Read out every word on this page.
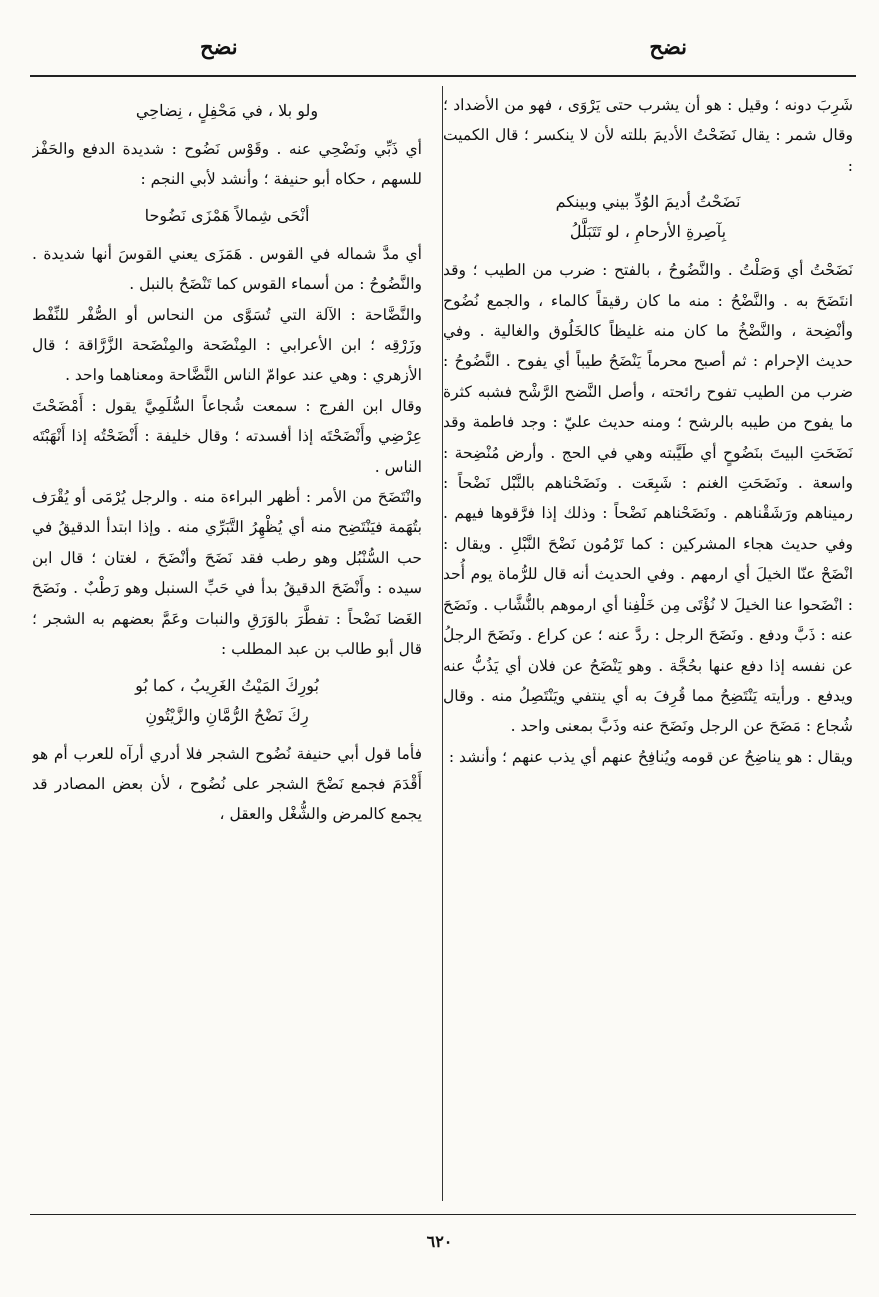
نضح
نضح

شَرِبَ دونه ؛ وقيل : هو أن يشرب حتى يَرْوَى ، فهو من الأضداد ؛ وقال شمر : يقال نَضَحْتُ الأديمَ بللته لأن لا ينكسر ؛ قال الكميت :

نَضَحْتُ أديمَ الوُدِّ بيني وبينكم
بِآصِرةِ الأرحامِ ، لو تَتَبَلَّلُ

نَضَحْتُ أي وَصَلْتُ . والنَّضُوحُ ، بالفتح : ضرب من الطيب ؛ وقد انتَضَحَ به . والنَّضْحُ : منه ما كان رقيقاً كالماء ، والجمع نُضُوح وأنْضِحة ، والنَّضْخُ ما كان منه غليظاً كالخَلُوق والغالية . وفي حديث الإحرام : ثم أصبح محرماً يَنْضَحُ طيباً أي يفوح . النَّضُوحُ : ضرب من الطيب تفوح رائحته ، وأصل النَّضح الرَّشْح فشبه كثرة ما يفوح من طيبه بالرشح ؛ ومنه حديث عليّ : وجد فاطمة وقد نَضَحَتِ البيتَ بنَضُوحٍ أي طَيَّبته وهي في الحج . وأرض مُنْضِحة : واسعة . ونَضَحَتِ الغنم : شَبِعَت . ونَضَحْناهم بالنَّبْل نَضْحاً : رميناهم ورَشَقْناهم . ونَضَحْناهم نَضْحاً : وذلك إذا فرَّقوها فيهم . وفي حديث هجاء المشركين : كما تَرْمُون نَضْحَ النَّبْلِ . ويقال : انْضَحْ عنّا الخيلَ أي ارمهم . وفي الحديث أنه قال للرُّماة يوم أُحد : انْضَحوا عنا الخيلَ لا نُؤْتَى مِن خَلْفِنا أي ارموهم بالنُّشَّاب . ونَضَحَ عنه : ذَبَّ ودفع . ونَضَحَ الرجل : ردَّ عنه ؛ عن كراع . ونَضَحَ الرجلُ عن نفسه إذا دفع عنها بحُجَّة . وهو يَنْضَحُ عن فلان أي يَذُبُّ عنه ويدفع . ورأيته يَنْتَضِحُ مما قُرِفَ به أي ينتفي ويَنْتَصِلُ منه . وقال شُجاع : مَضَحَ عن الرجل ونَضَحَ عنه وذَبَّ بمعنى واحد .

ويقال : هو يناضِحُ عن قومه ويُنافِحُ عنهم أي يذب عنهم ؛ وأنشد :

ولو بلا ، في مَحْفِلٍ ، نِضاحِي

أي ذَبِّي ونَضْحِي عنه . وقَوْس نَضُوح : شديدة الدفع والحَفْز للسهم ، حكاه أبو حنيفة ؛ وأنشد لأبي النجم :

أنْحَى شِمالاً هَمْزَى نَضُوحا

أي مدَّ شماله في القوس . هَمَزَى يعني القوسَ أنها شديدة . والنَّضُوحُ : من أسماء القوس كما تَنْضَحُ بالنبل .

والنَّضَّاحة : الآلة التي تُسَوَّى من النحاس أو الصُّفْر للنِّفْط وزَرْقِه ؛ ابن الأعرابي : المِنْضَحة والمِنْضَحة الزَّرَّاقة ؛ قال الأزهري : وهي عند عوامّ الناس النَّضَّاحة ومعناهما واحد .

وقال ابن الفرج : سمعت شُجاعاً السُّلَمِيَّ يقول : أَمْضَحْتَ عِرْضِي وأَنْضَحْتَه إذا أفسدته ؛ وقال خليفة : أَنْضَحْتُه إذا أَنْهَبْتَه الناس .

وانْتَضَحَ من الأمر : أظهر البراءة منه . والرجل يُرْمَى أو يُقْرَف بتُهَمة فيَنْتَضِح منه أي يُظْهِرُ التَّبَرِّي منه . وإذا ابتدأ الدقيقُ في حب السُّنْبُل وهو رطب فقد نَضَحَ وأنْضَحَ ، لغتان ؛ قال ابن سيده : وأَنْضَحَ الدقيقُ بدأ في حَبِّ السنبل وهو رَطْبٌ . ونَضَحَ الغَضا نَضْحاً : تفطَّرَ بالوَرَقِ والنبات وعَمَّ بعضهم به الشجر ؛ قال أبو طالب بن عبد المطلب :

بُورِكَ المَيْتُ الغَرِيبُ ، كما بُو
رِكَ نَضْحُ الرُّمَّانِ والزَّيْتُونِ

فأما قول أبي حنيفة نُضُوح الشجر فلا أدري أرآه للعرب أم هو أَقْدَمَ فجمع نَضْحَ الشجر على نُضُوح ، لأن بعض المصادر قد يجمع كالمرض والشُّغْل والعقل ،

٦٢٠
